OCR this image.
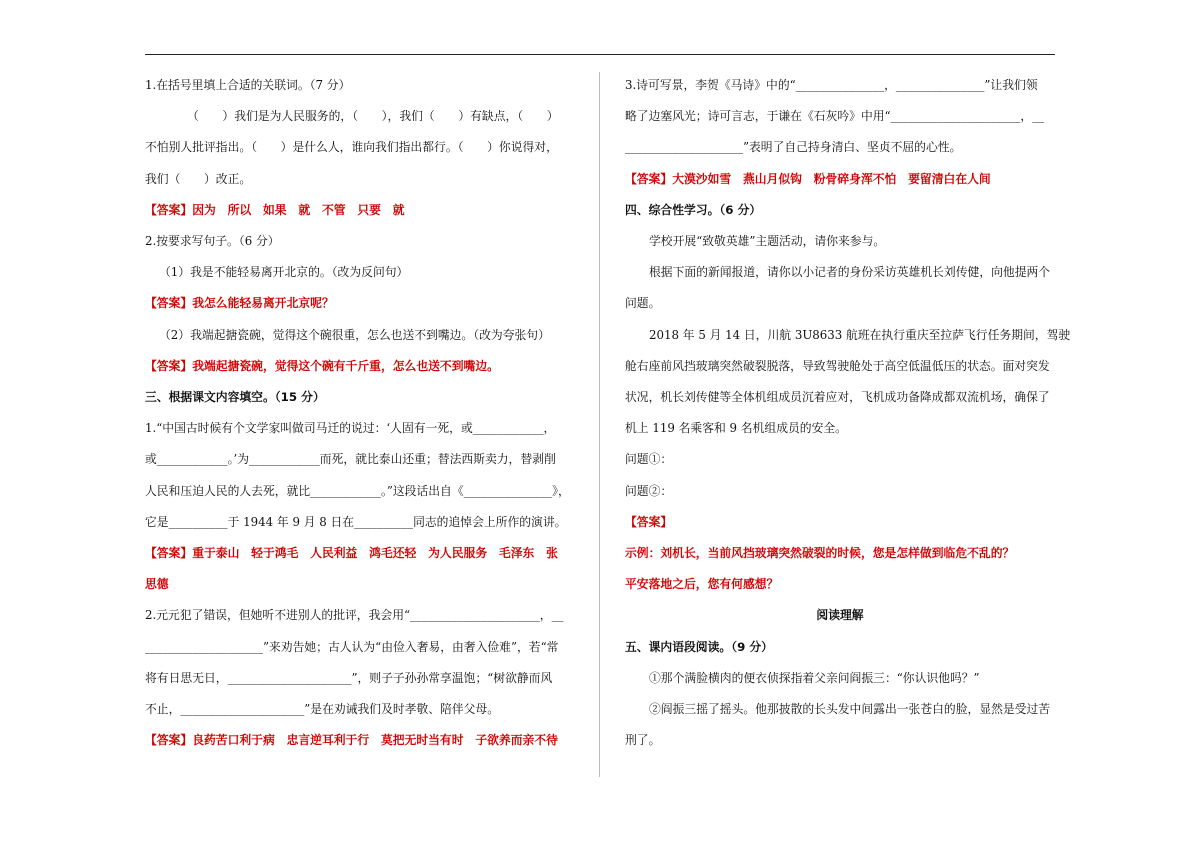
1.在括号里填上合适的关联词。（7 分）

（　　）我们是为人民服务的，（　　），我们（　　）有缺点，（　　）

不怕别人批评指出。（　　）是什么人，谁向我们指出都行。（　　）你说得对，

我们（　　）改正。

【答案】因为　所以　如果　就　不管　只要　就

2.按要求写句子。（6 分）

（1）我是不能轻易离开北京的。（改为反问句）

【答案】我怎么能轻易离开北京呢？

（2）我端起搪瓷碗，觉得这个碗很重，怎么也送不到嘴边。（改为夸张句）

【答案】我端起搪瓷碗，觉得这个碗有千斤重，怎么也送不到嘴边。

三、根据课文内容填空。（15 分）

1.“中国古时候有个文学家叫做司马迁的说过：‘人固有一死，或____________，

或____________。’为____________而死，就比泰山还重；替法西斯卖力，替剥削

人民和压迫人民的人去死，就比____________。”这段话出自《_______________》，

它是__________于 1944 年 9 月 8 日在__________同志的追悼会上所作的演讲。

【答案】重于泰山　轻于鸿毛　人民利益　鸿毛还轻　为人民服务　毛泽东　张

思德

2.元元犯了错误，但她听不进别人的批评，我会用“______________________，__

____________________”来劝告她；古人认为“由俭入奢易，由奢入俭难”，若“常

将有日思无日，_____________________”，则子子孙孙常享温饱；“树欲静而风

不止，_____________________”是在劝诫我们及时孝敬、陪伴父母。

【答案】良药苦口利于病　忠言逆耳利于行　莫把无时当有时　子欲养而亲不待

3.诗可写景，李贺《马诗》中的“_______________，_______________”让我们领

略了边塞风光；诗可言志，于谦在《石灰吟》中用“______________________，__

____________________”表明了自己持身清白、坚贞不屈的心性。

【答案】大漠沙如雪　燕山月似钩　粉骨碎身浑不怕　要留清白在人间

四、综合性学习。（6 分）

学校开展“致敬英雄”主题活动，请你来参与。

根据下面的新闻报道，请你以小记者的身份采访英雄机长刘传健，向他提两个

问题。

2018 年 5 月 14 日，川航 3U8633 航班在执行重庆至拉萨飞行任务期间，驾驶

舱右座前风挡玻璃突然破裂脱落，导致驾驶舱处于高空低温低压的状态。面对突发

状况，机长刘传健等全体机组成员沉着应对，飞机成功备降成都双流机场，确保了

机上 119 名乘客和 9 名机组成员的安全。

问题①：

问题②：

【答案】

示例：刘机长，当前风挡玻璃突然破裂的时候，您是怎样做到临危不乱的？

平安落地之后，您有何感想？

阅读理解

五、课内语段阅读。（9 分）

①那个满脸横肉的便衣侦探指着父亲问阎振三：“你认识他吗？”

②阎振三摇了摇头。他那披散的长头发中间露出一张苍白的脸，显然是受过苦

刑了。
